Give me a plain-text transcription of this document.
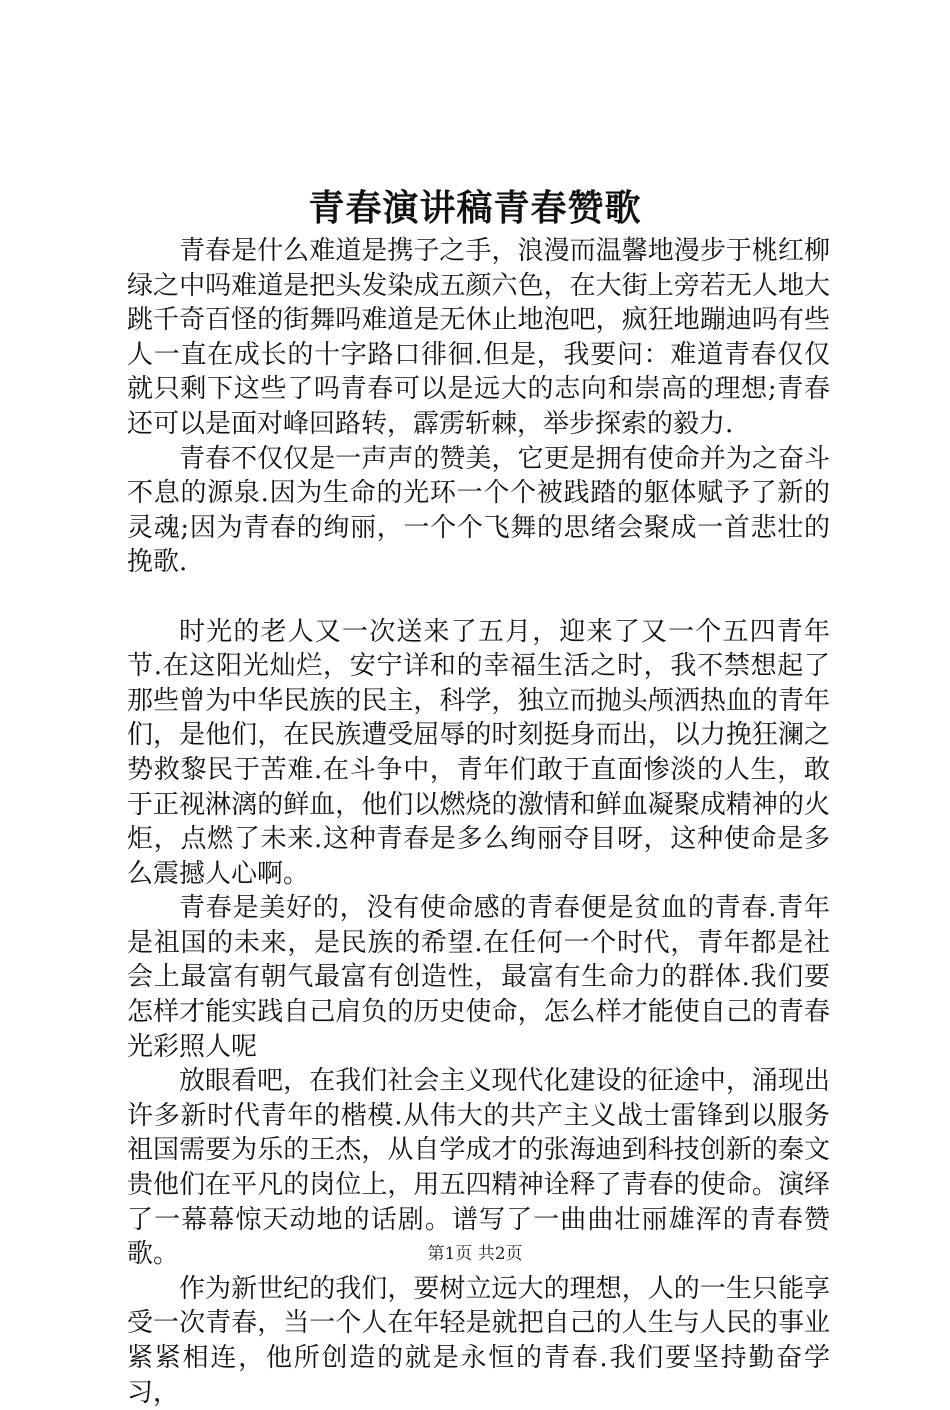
青春演讲稿青春赞歌

青春是什么难道是携子之手，浪漫而温馨地漫步于桃红柳绿之中吗难道是把头发染成五颜六色，在大街上旁若无人地大跳千奇百怪的街舞吗难道是无休止地泡吧，疯狂地蹦迪吗有些人一直在成长的十字路口徘徊.但是，我要问：难道青春仅仅就只剩下这些了吗青春可以是远大的志向和崇高的理想;青春还可以是面对峰回路转，霹雳斩棘，举步探索的毅力.

青春不仅仅是一声声的赞美，它更是拥有使命并为之奋斗不息的源泉.因为生命的光环一个个被践踏的躯体赋予了新的灵魂;因为青春的绚丽，一个个飞舞的思绪会聚成一首悲壮的挽歌.

时光的老人又一次送来了五月，迎来了又一个五四青年节.在这阳光灿烂，安宁详和的幸福生活之时，我不禁想起了那些曾为中华民族的民主，科学，独立而抛头颅洒热血的青年们，是他们，在民族遭受屈辱的时刻挺身而出，以力挽狂澜之势救黎民于苦难.在斗争中，青年们敢于直面惨淡的人生，敢于正视淋漓的鲜血，他们以燃烧的激情和鲜血凝聚成精神的火炬，点燃了未来.这种青春是多么绚丽夺目呀，这种使命是多么震撼人心啊。

青春是美好的，没有使命感的青春便是贫血的青春.青年是祖国的未来，是民族的希望.在任何一个时代，青年都是社会上最富有朝气最富有创造性，最富有生命力的群体.我们要怎样才能实践自己肩负的历史使命，怎么样才能使自己的青春光彩照人呢

放眼看吧，在我们社会主义现代化建设的征途中，涌现出许多新时代青年的楷模.从伟大的共产主义战士雷锋到以服务祖国需要为乐的王杰，从自学成才的张海迪到科技创新的秦文贵他们在平凡的岗位上，用五四精神诠释了青春的使命。演绎了一幕幕惊天动地的话剧。谱写了一曲曲壮丽雄浑的青春赞歌。

作为新世纪的我们，要树立远大的理想，人的一生只能享受一次青春，当一个人在年轻是就把自己的人生与人民的事业紧紧相连，他所创造的就是永恒的青春.我们要坚持勤奋学习，

第1页 共2页
